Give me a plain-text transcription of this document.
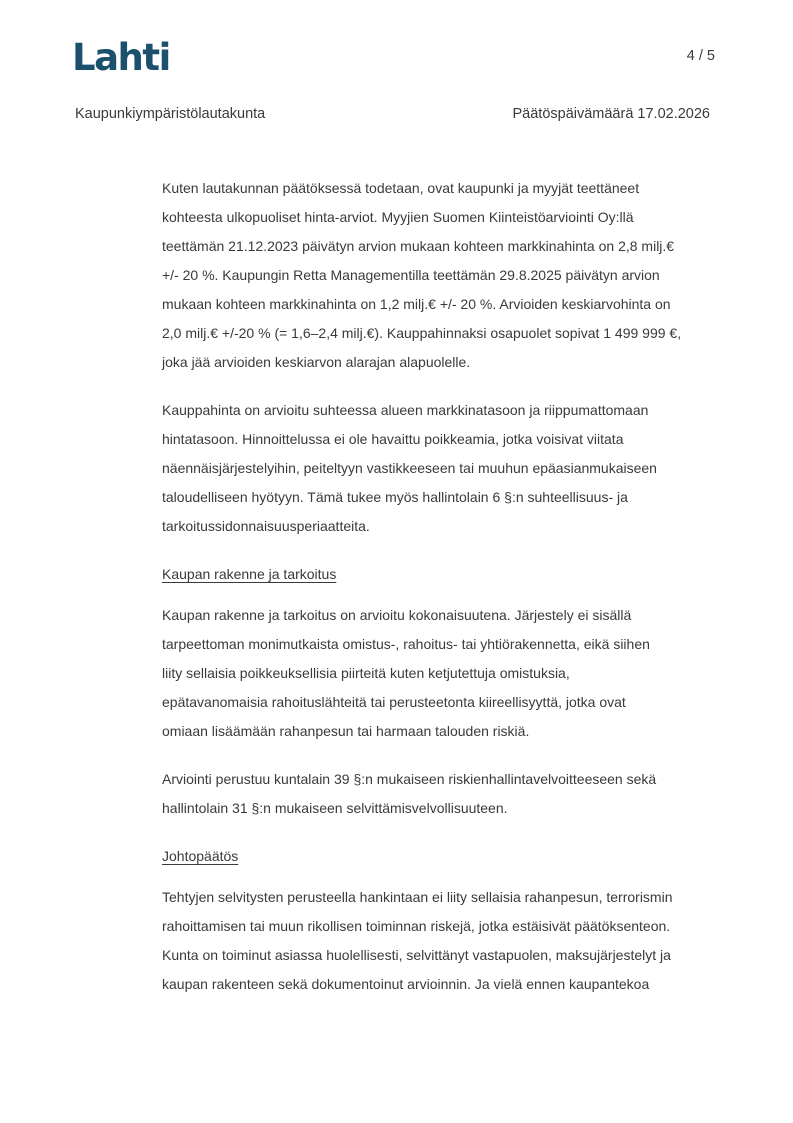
Lahti	4 / 5
Kaupunkiympäristölautakunta	Päätöspäivämäärä 17.02.2026
Kuten lautakunnan päätöksessä todetaan, ovat kaupunki ja myyjät teettäneet
kohteesta ulkopuoliset hinta-arviot. Myyjien Suomen Kiinteistöarviointi Oy:llä
teettämän 21.12.2023 päivätyn arvion mukaan kohteen markkinahinta on 2,8 milj.€
+/- 20 %. Kaupungin Retta Managementilla teettämän 29.8.2025 päivätyn arvion
mukaan kohteen markkinahinta on 1,2 milj.€ +/- 20 %. Arvioiden keskiarvohinta on
2,0 milj.€ +/-20 % (= 1,6–2,4 milj.€). Kauppahinnaksi osapuolet sopivat 1 499 999 €,
joka jää arvioiden keskiarvon alarajan alapuolelle.
Kauppahinta on arvioitu suhteessa alueen markkinatasoon ja riippumattomaan
hintatasoon. Hinnoittelussa ei ole havaittu poikkeamia, jotka voisivat viitata
näennäisjärjestelyihin, peiteltyyn vastikkeeseen tai muuhun epäasianmukaiseen
taloudelliseen hyötyyn. Tämä tukee myös hallintolain 6 §:n suhteellisuus- ja
tarkoitussidonnaisuusperiaatteita.
Kaupan rakenne ja tarkoitus
Kaupan rakenne ja tarkoitus on arvioitu kokonaisuutena. Järjestely ei sisällä
tarpeettoman monimutkaista omistus-, rahoitus- tai yhtiörakennetta, eikä siihen
liity sellaisia poikkeuksellisia piirteitä kuten ketjutettuja omistuksia,
epätavanomaisia rahoituslähteitä tai perusteetonta kiireellisyyttä, jotka ovat
omiaan lisäämään rahanpesun tai harmaan talouden riskiä.
Arviointi perustuu kuntalain 39 §:n mukaiseen riskienhallintavelvoitteeseen sekä
hallintolain 31 §:n mukaiseen selvittämisvelvollisuuteen.
Johtopäätös
Tehtyjen selvitysten perusteella hankintaan ei liity sellaisia rahanpesun, terrorismin
rahoittamisen tai muun rikollisen toiminnan riskejä, jotka estäisivät päätöksenteon.
Kunta on toiminut asiassa huolellisesti, selvittänyt vastapuolen, maksujärjestelyt ja
kaupan rakenteen sekä dokumentoinut arvioinnin. Ja vielä ennen kaupantekoa
